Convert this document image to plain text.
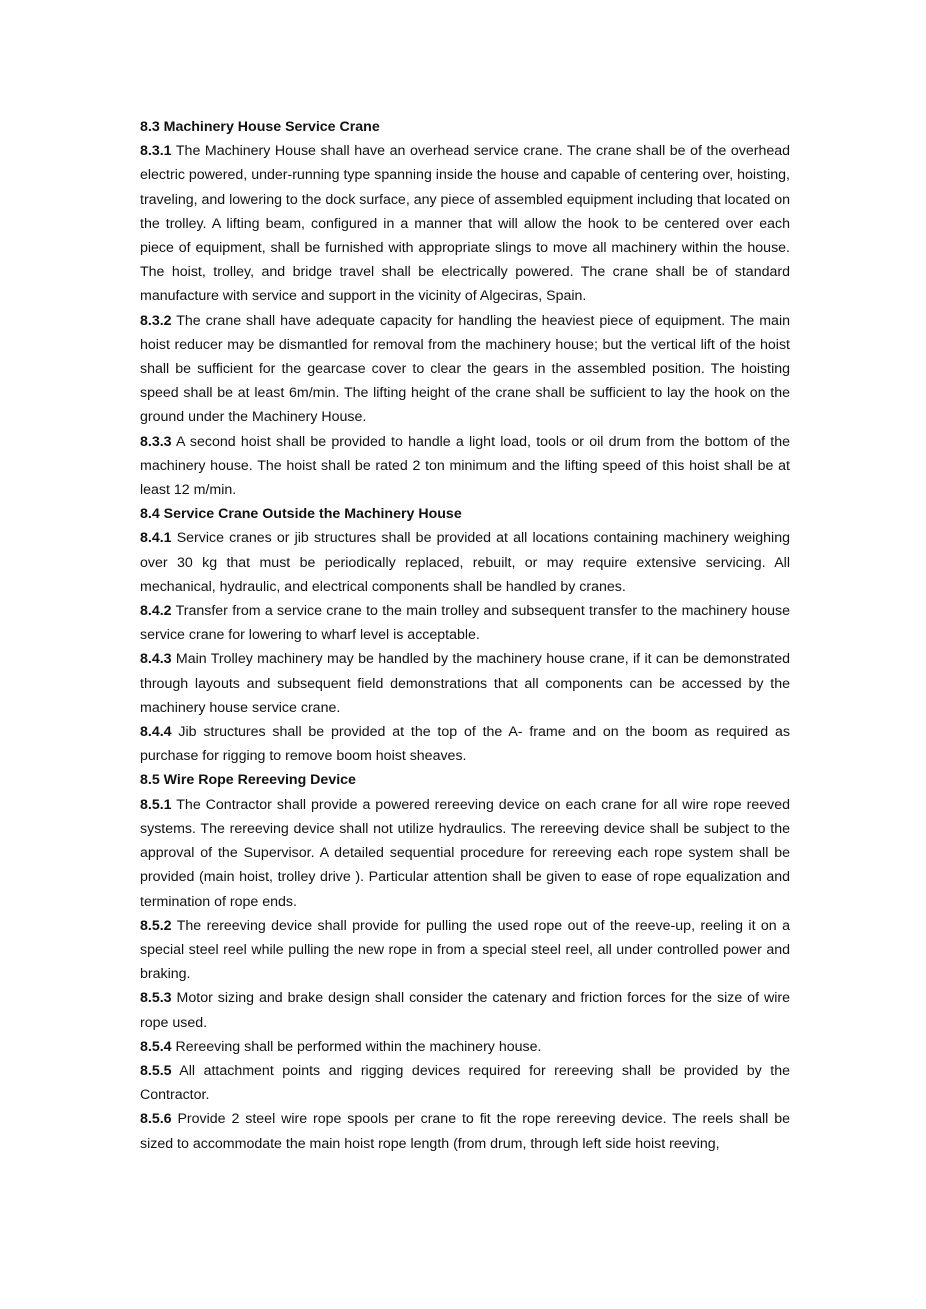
8.3 Machinery House Service Crane

8.3.1 The Machinery House shall have an overhead service crane. The crane shall be of the overhead electric powered, under-running type spanning inside the house and capable of centering over, hoisting, traveling, and lowering to the dock surface, any piece of assembled equipment including that located on the trolley. A lifting beam, configured in a manner that will allow the hook to be centered over each piece of equipment, shall be furnished with appropriate slings to move all machinery within the house. The hoist, trolley, and bridge travel shall be electrically powered. The crane shall be of standard manufacture with service and support in the vicinity of Algeciras, Spain.

8.3.2 The crane shall have adequate capacity for handling the heaviest piece of equipment. The main hoist reducer may be dismantled for removal from the machinery house; but the vertical lift of the hoist shall be sufficient for the gearcase cover to clear the gears in the assembled position. The hoisting speed shall be at least 6m/min. The lifting height of the crane shall be sufficient to lay the hook on the ground under the Machinery House.

8.3.3 A second hoist shall be provided to handle a light load, tools or oil drum from the bottom of the machinery house. The hoist shall be rated 2 ton minimum and the lifting speed of this hoist shall be at least 12 m/min.

8.4 Service Crane Outside the Machinery House

8.4.1 Service cranes or jib structures shall be provided at all locations containing machinery weighing over 30 kg that must be periodically replaced, rebuilt, or may require extensive servicing. All mechanical, hydraulic, and electrical components shall be handled by cranes.

8.4.2 Transfer from a service crane to the main trolley and subsequent transfer to the machinery house service crane for lowering to wharf level is acceptable.

8.4.3 Main Trolley machinery may be handled by the machinery house crane, if it can be demonstrated through layouts and subsequent field demonstrations that all components can be accessed by the machinery house service crane.

8.4.4 Jib structures shall be provided at the top of the A- frame and on the boom as required as purchase for rigging to remove boom hoist sheaves.

8.5 Wire Rope Rereeving Device

8.5.1 The Contractor shall provide a powered rereeving device on each crane for all wire rope reeved systems. The rereeving device shall not utilize hydraulics. The rereeving device shall be subject to the approval of the Supervisor. A detailed sequential procedure for rereeving each rope system shall be provided (main hoist, trolley drive ). Particular attention shall be given to ease of rope equalization and termination of rope ends.

8.5.2 The rereeving device shall provide for pulling the used rope out of the reeve-up, reeling it on a special steel reel while pulling the new rope in from a special steel reel, all under controlled power and braking.

8.5.3 Motor sizing and brake design shall consider the catenary and friction forces for the size of wire rope used.

8.5.4 Rereeving shall be performed within the machinery house.

8.5.5 All attachment points and rigging devices required for rereeving shall be provided by the Contractor.

8.5.6 Provide 2 steel wire rope spools per crane to fit the rope rereeving device. The reels shall be sized to accommodate the main hoist rope length (from drum, through left side hoist reeving,
